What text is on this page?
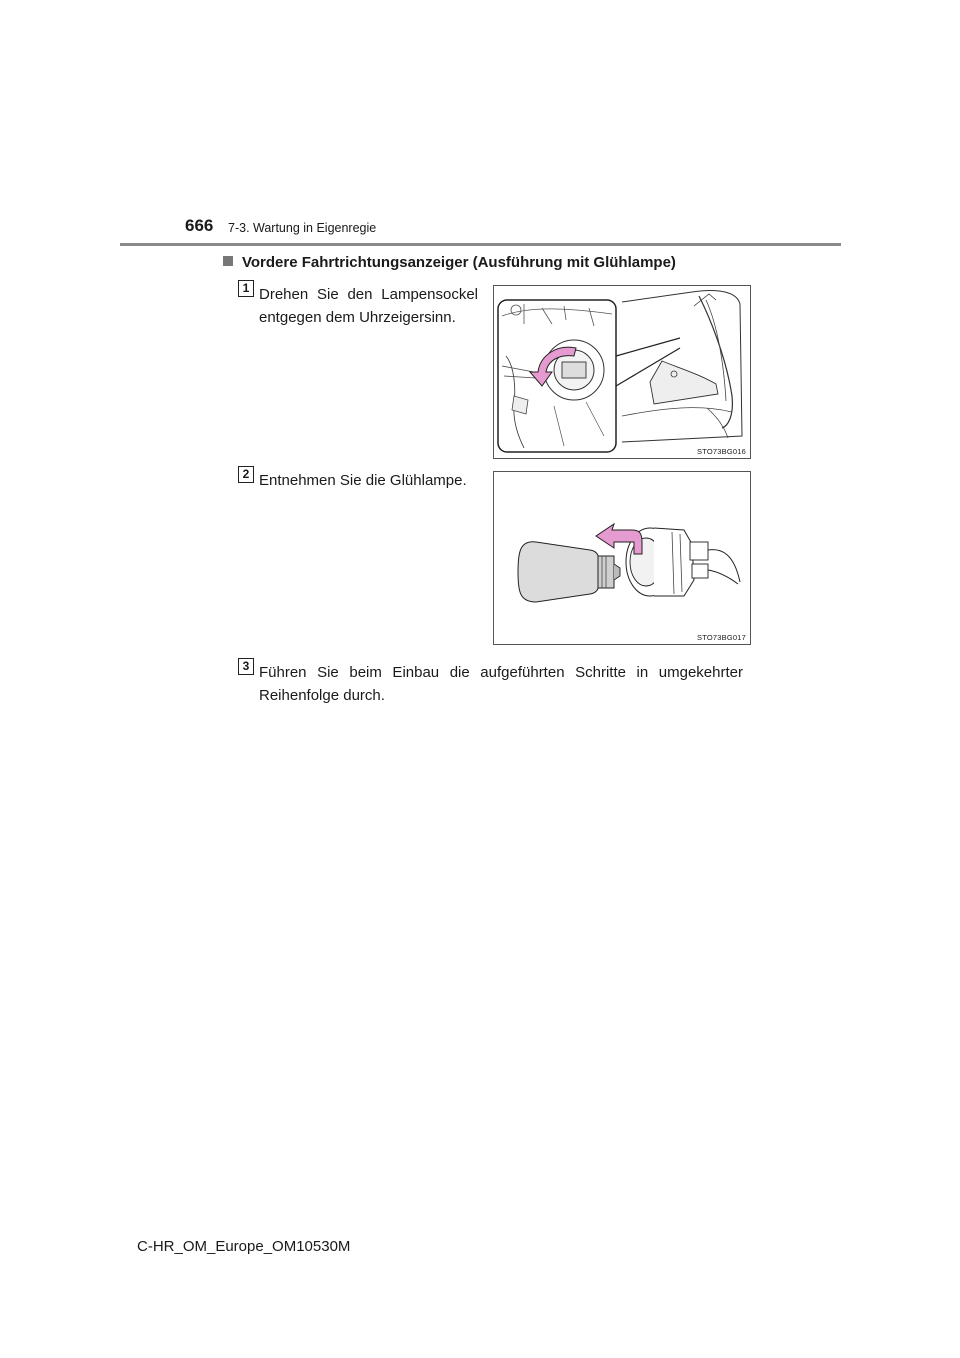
666 7-3. Wartung in Eigenregie
Vordere Fahrtrichtungsanzeiger (Ausführung mit Glühlampe)
1 Drehen Sie den Lampensockel entgegen dem Uhrzeigersinn.
STO73BG016
2 Entnehmen Sie die Glühlampe.
STO73BG017
3 Führen Sie beim Einbau die aufgeführten Schritte in umgekehrter Reihenfolge durch.
C-HR_OM_Europe_OM10530M
